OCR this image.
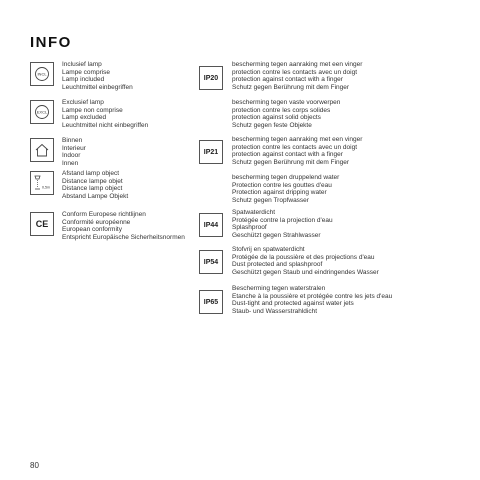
INFO
INCL
Inclusief lamp
Lampe comprise
Lamp included
Leuchtmittel einbegriffen
EXCL
Exclusief lamp
Lampe non comprise
Lamp excluded
Leuchtmittel nicht einbegriffen
Binnen
Interieur
Indoor
Innen
0,5m
Afstand lamp object
Distance lampe objet
Distance lamp object
Abstand Lampe Objekt
CE
Conform Europese richtlijnen
Conformité européenne
European conformity
Entspricht Europäische Sicherheitsnormen
IP20
bescherming tegen aanraking met een vinger
protection contre les contacts avec un doigt
protection against contact with a finger
Schutz gegen Berührung mit dem Finger
bescherming tegen vaste voorwerpen
protection contre les corps solides
protection against solid objects
Schutz gegen feste Objekte
IP21
bescherming tegen aanraking met een vinger
protection contre les contacts avec un doigt
protection against contact with a finger
Schutz gegen Berührung mit dem Finger
bescherming tegen druppelend water
Protection contre les gouttes d'eau
Protection against dripping water
Schutz gegen Tropfwasser
IP44
Spatwaterdicht
Protégée contre la projection d'eau
Splashproof
Geschützt gegen Strahlwasser
IP54
Stofvrij en spatwaterdicht
Protégée de la poussière et des projections d'eau
Dust protected and splashproof
Geschützt gegen Staub und eindringendes Wasser
IP65
Bescherming tegen waterstralen
Etanche à la poussière et protégée contre les jets d'eau
Dust-tight and protected against water jets
Staub- und Wasserstrahldicht
80
